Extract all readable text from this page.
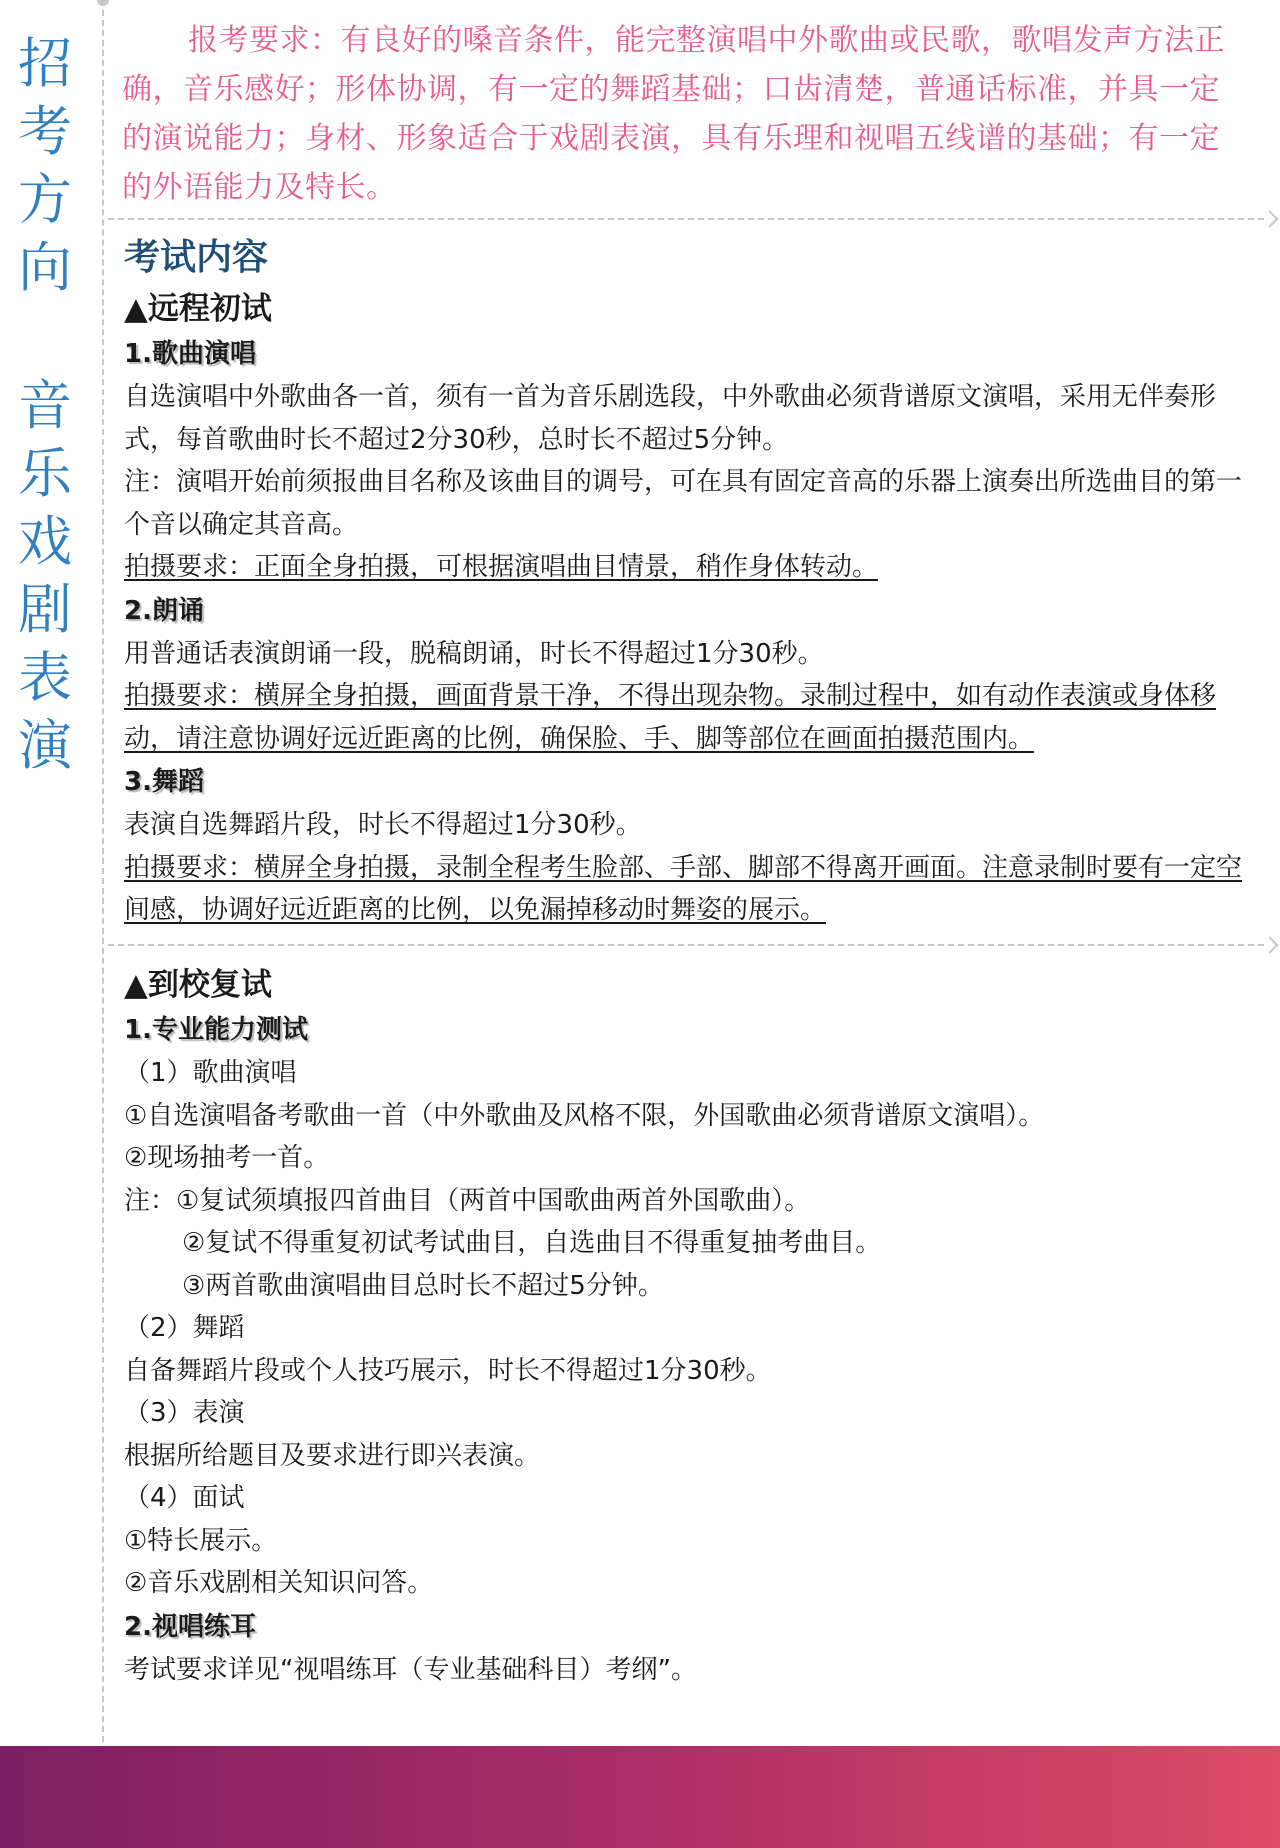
招
考
方
向
音
乐
戏
剧
表
演

报考要求：有良好的嗓音条件，能完整演唱中外歌曲或民歌，歌唱发声方法正确，音乐感好；形体协调，有一定的舞蹈基础；口齿清楚，普通话标准，并具一定的演说能力；身材、形象适合于戏剧表演，具有乐理和视唱五线谱的基础；有一定的外语能力及特长。

考试内容
▲远程初试

1.歌曲演唱

自选演唱中外歌曲各一首，须有一首为音乐剧选段，中外歌曲必须背谱原文演唱，采用无伴奏形式，每首歌曲时长不超过2分30秒，总时长不超过5分钟。

注：演唱开始前须报曲目名称及该曲目的调号，可在具有固定音高的乐器上演奏出所选曲目的第一个音以确定其音高。

拍摄要求：正面全身拍摄，可根据演唱曲目情景，稍作身体转动。

2.朗诵

用普通话表演朗诵一段，脱稿朗诵，时长不得超过1分30秒。

拍摄要求：横屏全身拍摄，画面背景干净，不得出现杂物。录制过程中，如有动作表演或身体移动，请注意协调好远近距离的比例，确保脸、手、脚等部位在画面拍摄范围内。

3.舞蹈

表演自选舞蹈片段，时长不得超过1分30秒。

拍摄要求：横屏全身拍摄，录制全程考生脸部、手部、脚部不得离开画面。注意录制时要有一定空间感，协调好远近距离的比例，以免漏掉移动时舞姿的展示。

▲到校复试

1.专业能力测试

（1）歌曲演唱

①自选演唱备考歌曲一首（中外歌曲及风格不限，外国歌曲必须背谱原文演唱）。

②现场抽考一首。

注：①复试须填报四首曲目（两首中国歌曲两首外国歌曲）。

②复试不得重复初试考试曲目，自选曲目不得重复抽考曲目。

③两首歌曲演唱曲目总时长不超过5分钟。

（2）舞蹈

自备舞蹈片段或个人技巧展示，时长不得超过1分30秒。

（3）表演

根据所给题目及要求进行即兴表演。

（4）面试

①特长展示。

②音乐戏剧相关知识问答。

2.视唱练耳

考试要求详见“视唱练耳（专业基础科目）考纲”。
